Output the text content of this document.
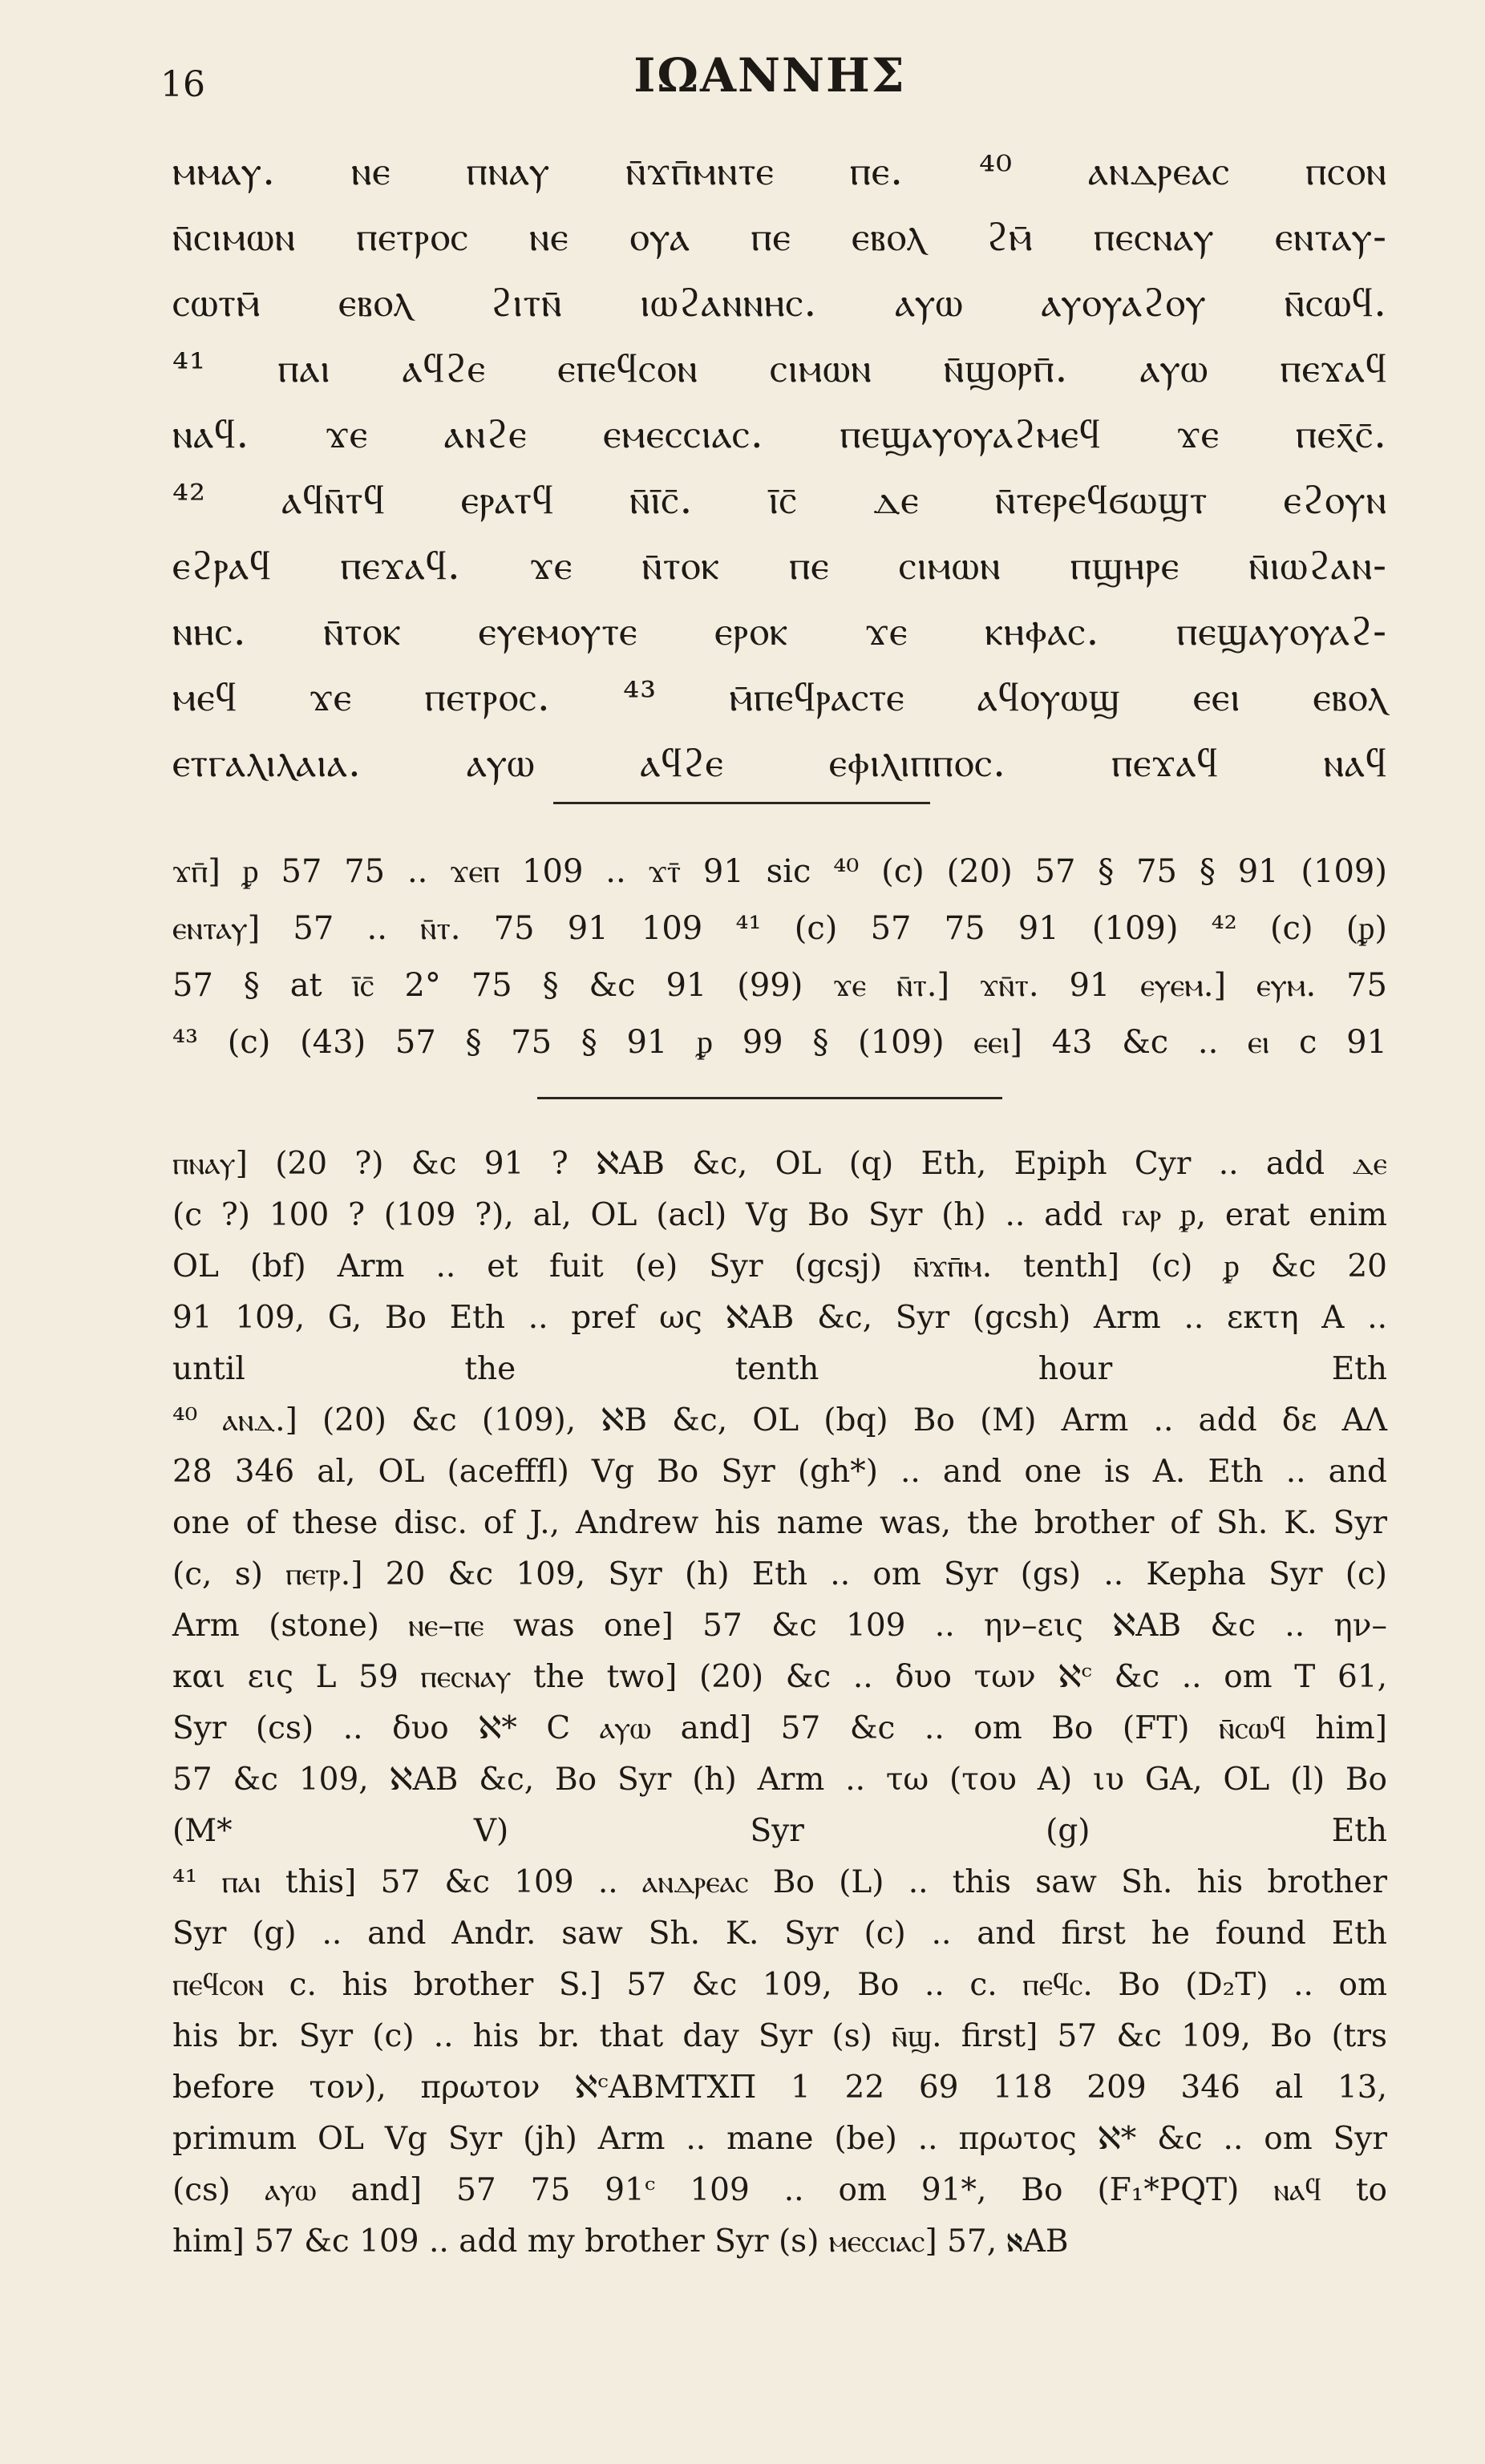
16	ΙΩΑΝΝΗΣ
ⲙⲙⲁⲩ. ⲛⲉ ⲡⲛⲁⲩ ⲛ̄ϫⲡ̄ⲙⲛⲧⲉ ⲡⲉ. ⁴⁰ ⲁⲛⲇⲣⲉⲁⲥ ⲡⲥⲟⲛ
ⲛ̄ⲥⲓⲙⲱⲛ ⲡⲉⲧⲣⲟⲥ ⲛⲉ ⲟⲩⲁ ⲡⲉ ⲉⲃⲟⲗ ϩⲙ̄ ⲡⲉⲥⲛⲁⲩ ⲉⲛⲧⲁⲩ-
ⲥⲱⲧⲙ̄ ⲉⲃⲟⲗ ϩⲓⲧⲛ̄ ⲓⲱϩⲁⲛⲛⲏⲥ. ⲁⲩⲱ ⲁⲩⲟⲩⲁϩⲟⲩ ⲛ̄ⲥⲱϥ.
⁴¹ ⲡⲁⲓ ⲁϥϩⲉ ⲉⲡⲉϥⲥⲟⲛ ⲥⲓⲙⲱⲛ ⲛ̄ϣⲟⲣⲡ̄. ⲁⲩⲱ ⲡⲉϫⲁϥ
ⲛⲁϥ. ϫⲉ ⲁⲛϩⲉ ⲉⲙⲉⲥⲥⲓⲁⲥ. ⲡⲉϣⲁⲩⲟⲩⲁϩⲙⲉϥ ϫⲉ ⲡⲉⲭ̄ⲥ̄.
⁴² ⲁϥⲛ̄ⲧϥ ⲉⲣⲁⲧϥ ⲛ̄ⲓ̄ⲥ̄. ⲓ̄ⲥ̄ ⲇⲉ ⲛ̄ⲧⲉⲣⲉϥϭⲱϣⲧ ⲉϩⲟⲩⲛ
ⲉϩⲣⲁϥ ⲡⲉϫⲁϥ. ϫⲉ ⲛ̄ⲧⲟⲕ ⲡⲉ ⲥⲓⲙⲱⲛ ⲡϣⲏⲣⲉ ⲛ̄ⲓⲱϩⲁⲛ-
ⲛⲏⲥ. ⲛ̄ⲧⲟⲕ ⲉⲩⲉⲙⲟⲩⲧⲉ ⲉⲣⲟⲕ ϫⲉ ⲕⲏⲫⲁⲥ. ⲡⲉϣⲁⲩⲟⲩⲁϩ-
ⲙⲉϥ ϫⲉ ⲡⲉⲧⲣⲟⲥ. ⁴³ ⲙ̄ⲡⲉϥⲣⲁⲥⲧⲉ ⲁϥⲟⲩⲱϣ ⲉⲉⲓ ⲉⲃⲟⲗ
ⲉⲧⲅⲁⲗⲓⲗⲁⲓⲁ. ⲁⲩⲱ ⲁϥϩⲉ ⲉⲫⲓⲗⲓⲡⲡⲟⲥ. ⲡⲉϫⲁϥ ⲛⲁϥ
ϫⲡ̄] ᵱ 57 75 .. ϫⲉⲡ 109 .. ϫⲧ̄ 91 sic ⁴⁰ (c) (20) 57 § 75 § 91 (109)
ⲉⲛⲧⲁⲩ] 57 .. ⲛ̄ⲧ. 75 91 109 ⁴¹ (c) 57 75 91 (109) ⁴² (c) (ᵱ)
57 § at ⲓ̄ⲥ̄ 2° 75 § &c 91 (99) ϫⲉ ⲛ̄ⲧ.] ϫⲛ̄ⲧ. 91 ⲉⲩⲉⲙ.] ⲉⲩⲙ. 75
⁴³ (c) (43) 57 § 75 § 91 ᵱ 99 § (109) ⲉⲉⲓ] 43 &c .. ⲉⲓ c 91
ⲡⲛⲁⲩ] (20 ?) &c 91 ? ℵAB &c, OL (q) Eth, Epiph Cyr .. add ⲇⲉ
(c ?) 100 ? (109 ?), al, OL (acl) Vg Bo Syr (h) .. add ⲅⲁⲣ ᵱ, erat enim
OL (bf) Arm .. et fuit (e) Syr (gcsj) ⲛ̄ϫⲡ̄ⲙ. tenth] (c) ᵱ &c 20
91 109, G, Bo Eth .. pref ως ℵAB &c, Syr (gcsh) Arm .. εκτη A ..
until the tenth hour Eth
⁴⁰ ⲁⲛⲇ.] (20) &c (109), ℵB &c, OL (bq) Bo (M) Arm .. add δε AΛ
28 346 al, OL (acefffl) Vg Bo Syr (gh*) .. and one is A. Eth .. and
one of these disc. of J., Andrew his name was, the brother of Sh. K. Syr
(c, s) ⲡⲉⲧⲣ.] 20 &c 109, Syr (h) Eth .. om Syr (gs) .. Kepha Syr (c)
Arm (stone) ⲛⲉ–ⲡⲉ was one] 57 &c 109 .. ην–εις ℵAB &c .. ην–
και εις L 59 ⲡⲉⲥⲛⲁⲩ the two] (20) &c .. δυο των ℵᶜ &c .. om T 61,
Syr (cs) .. δυο ℵ* C ⲁⲩⲱ and] 57 &c .. om Bo (FT) ⲛ̄ⲥⲱϥ him]
57 &c 109, ℵAB &c, Bo Syr (h) Arm .. τω (του A) ιυ GA, OL (l) Bo
(M* V) Syr (g) Eth
⁴¹ ⲡⲁⲓ this] 57 &c 109 .. ⲁⲛⲇⲣⲉⲁⲥ Bo (L) .. this saw Sh. his brother
Syr (g) .. and Andr. saw Sh. K. Syr (c) .. and first he found Eth
ⲡⲉϥⲥⲟⲛ c. his brother S.] 57 &c 109, Bo .. c. ⲡⲉϥⲥ. Bo (D₂T) .. om
his br. Syr (c) .. his br. that day Syr (s) ⲛ̄ϣ. first] 57 &c 109, Bo (trs
before τον), πρωτον ℵᶜABMTXΠ 1 22 69 118 209 346 al 13,
primum OL Vg Syr (jh) Arm .. mane (be) .. πρωτος ℵ* &c .. om Syr
(cs) ⲁⲩⲱ and] 57 75 91ᶜ 109 .. om 91*, Bo (F₁*PQT) ⲛⲁϥ to
him] 57 &c 109 .. add my brother Syr (s) ⲙⲉⲥⲥⲓⲁⲥ] 57, ℵAB
